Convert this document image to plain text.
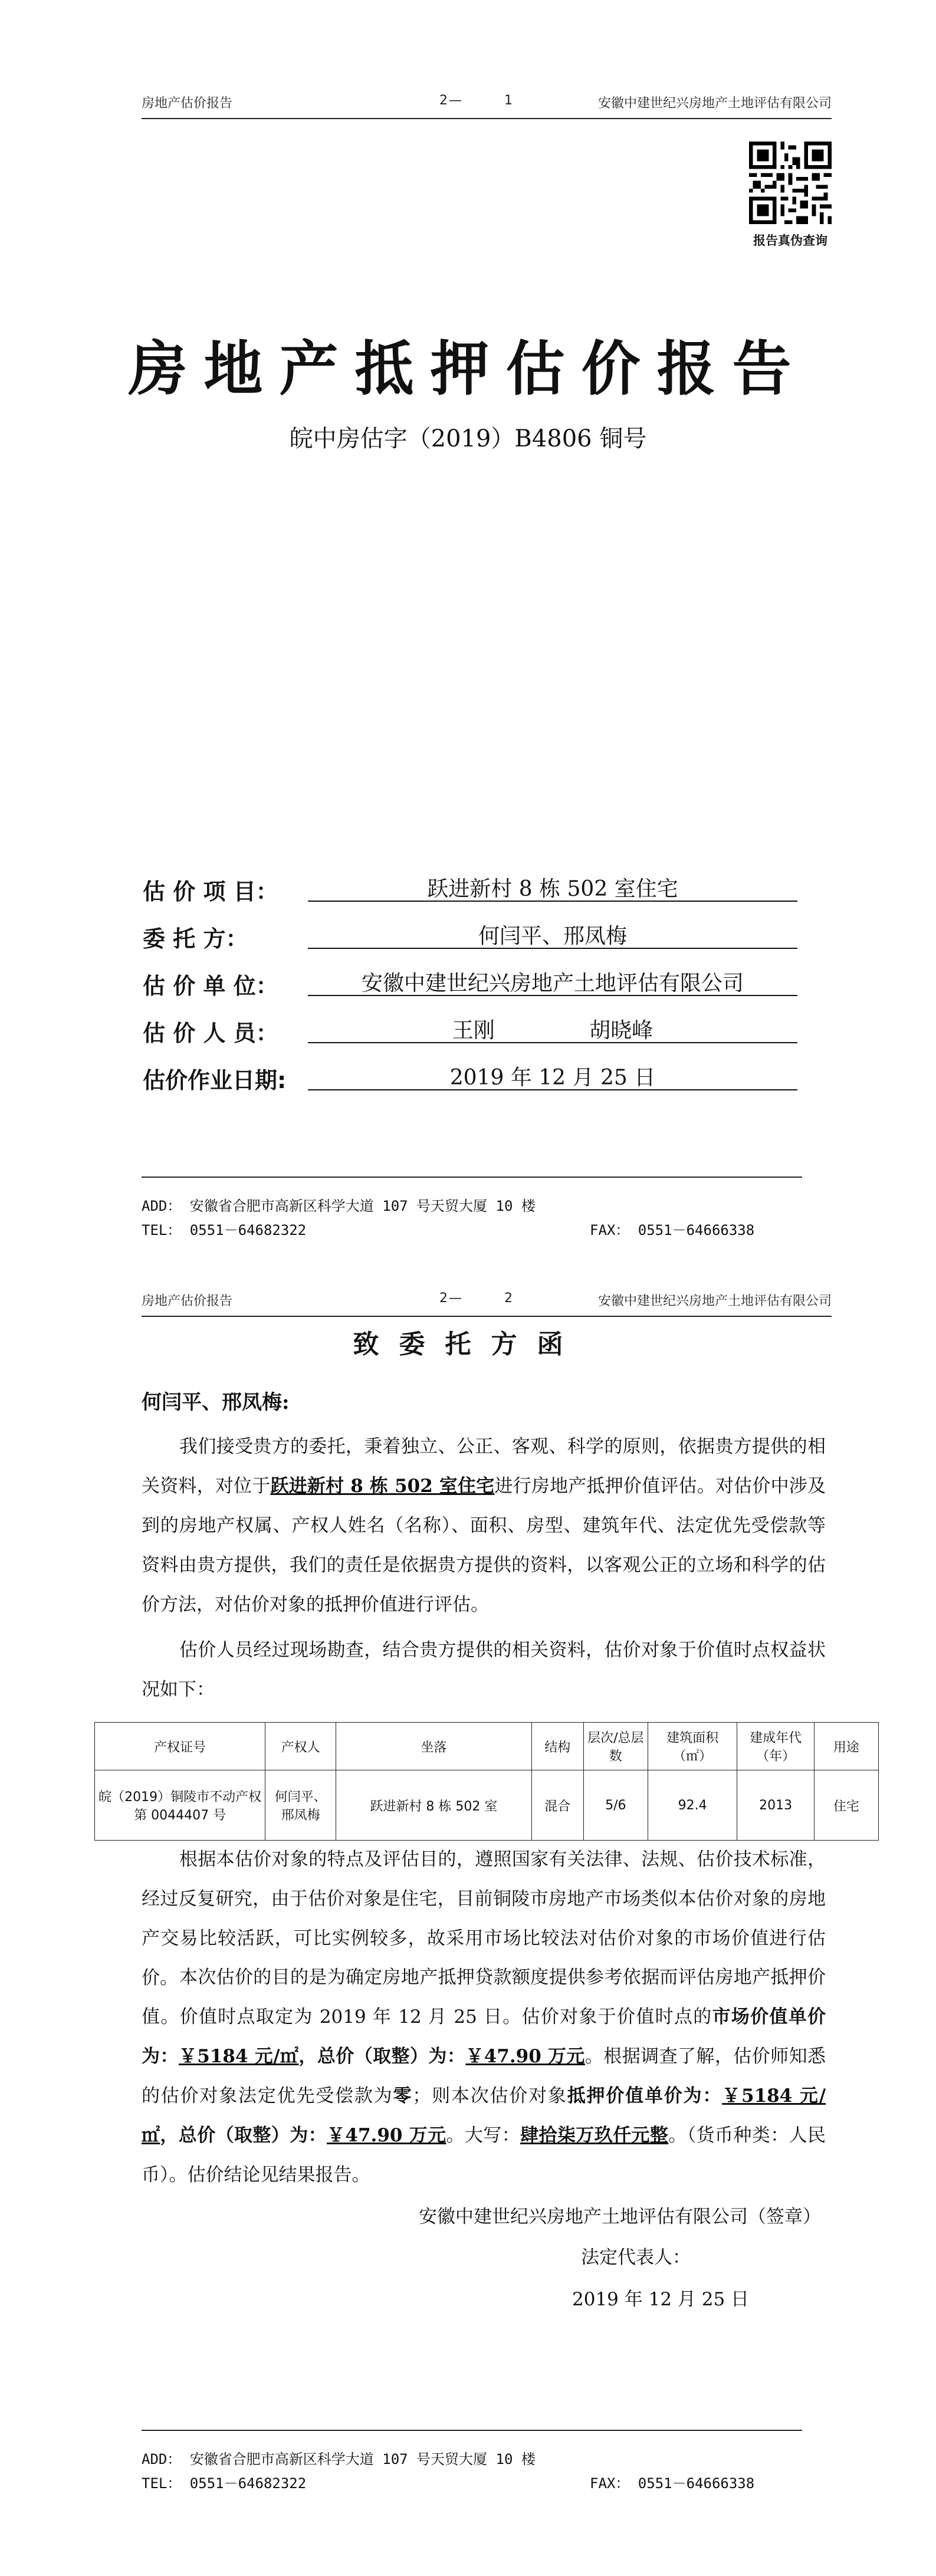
房地产估价报告	2—	1	安徽中建世纪兴房地产土地评估有限公司
报告真伪查询
房地产抵押估价报告
皖中房估字（2019）B4806 铜号
估 价 项 目：	跃进新村 8 栋 502 室住宅
委 托 方：	何闫平、邢凤梅
估 价 单 位：	安徽中建世纪兴房地产土地评估有限公司
估 价 人 员：	王刚              胡晓峰
估价作业日期:	2019 年 12 月 25 日
ADD： 安徽省合肥市高新区科学大道 107 号天贸大厦 10 楼
TEL： 0551－64682322	FAX： 0551－64666338
房地产估价报告	2—	2	安徽中建世纪兴房地产土地评估有限公司
致委托方函
何闫平、邢凤梅:
我们接受贵方的委托，秉着独立、公正、客观、科学的原则，依据贵方提供的相关资料，对位于跃进新村 8 栋 502 室住宅进行房地产抵押价值评估。对估价中涉及到的房地产权属、产权人姓名（名称）、面积、房型、建筑年代、法定优先受偿款等资料由贵方提供，我们的责任是依据贵方提供的资料，以客观公正的立场和科学的估价方法，对估价对象的抵押价值进行评估。
估价人员经过现场勘查，结合贵方提供的相关资料，估价对象于价值时点权益状况如下：
产权证号	产权人	坐落	结构	层次/总层数	建筑面积（㎡）	建成年代（年）	用途
皖（2019）铜陵市不动产权第 0044407 号	何闫平、邢凤梅	跃进新村 8 栋 502 室	混合	5/6	92.4	2013	住宅
根据本估价对象的特点及评估目的，遵照国家有关法律、法规、估价技术标准，经过反复研究，由于估价对象是住宅，目前铜陵市房地产市场类似本估价对象的房地产交易比较活跃，可比实例较多，故采用市场比较法对估价对象的市场价值进行估价。 本次估价的目的是为确定房地产抵押贷款额度提供参考依据而评估房地产抵押价值。价值时点取定为 2019 年 12 月 25 日。估价对象于价值时点的市场价值单价为：￥5184 元/㎡，总价（取整）为：￥47.90 万元。根据调查了解，估价师知悉的估价对象法定优先受偿款为零；则本次估价对象抵押价值单价为：￥5184 元/㎡，总价（取整）为：￥47.90 万元。大写：肆拾柒万玖仟元整。（货币种类：人民币）。估价结论见结果报告。
安徽中建世纪兴房地产土地评估有限公司（签章）
法定代表人：
2019 年 12 月 25 日
ADD： 安徽省合肥市高新区科学大道 107 号天贸大厦 10 楼
TEL： 0551－64682322	FAX： 0551－64666338
